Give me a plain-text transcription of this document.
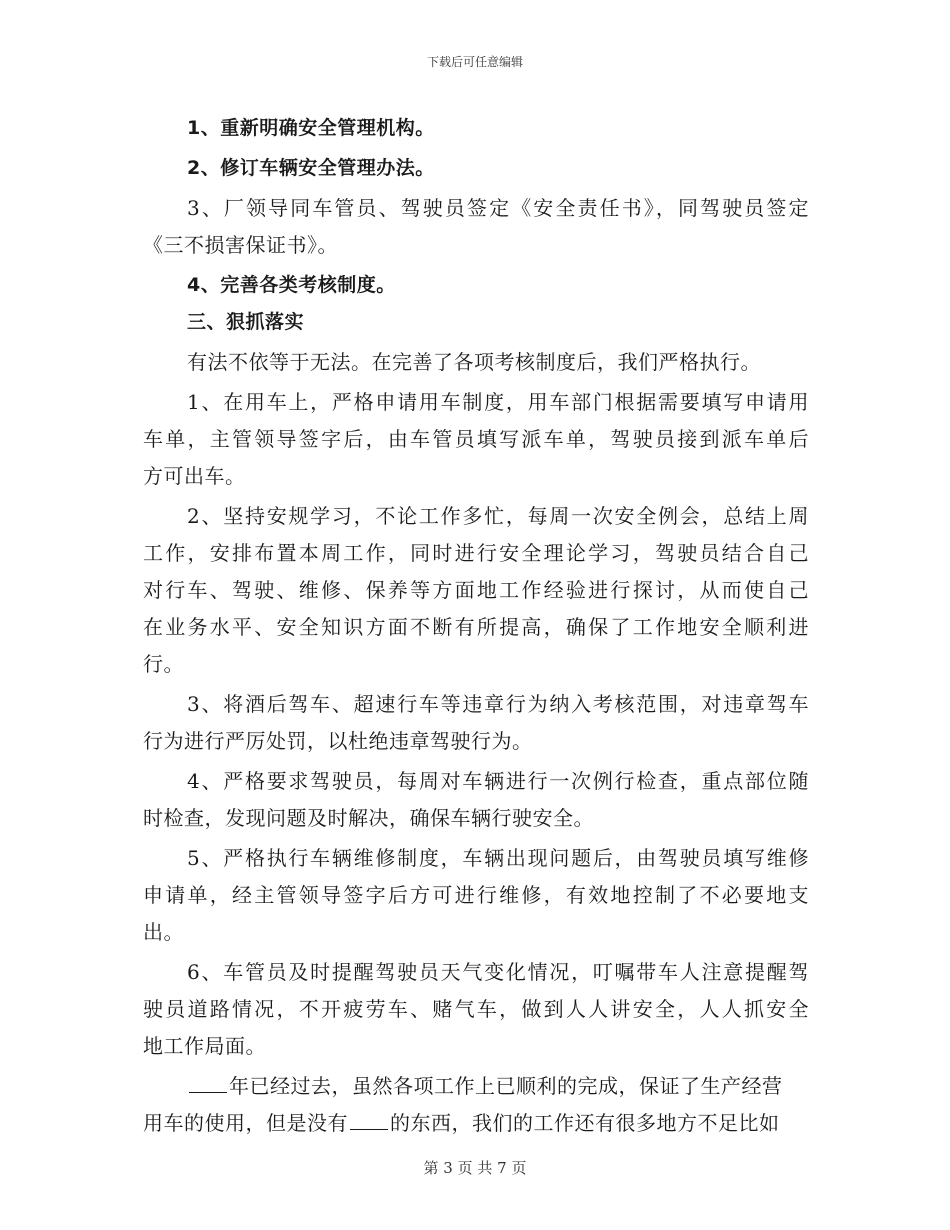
下载后可任意编辑
1、重新明确安全管理机构。
2、修订车辆安全管理办法。
3、厂领导同车管员、驾驶员签定《安全责任书》，同驾驶员签定
《三不损害保证书》。
4、完善各类考核制度。
三、狠抓落实
有法不依等于无法。在完善了各项考核制度后，我们严格执行。
1、在用车上，严格申请用车制度，用车部门根据需要填写申请用
车单，主管领导签字后，由车管员填写派车单，驾驶员接到派车单后
方可出车。
2、坚持安规学习，不论工作多忙，每周一次安全例会，总结上周
工作，安排布置本周工作，同时进行安全理论学习，驾驶员结合自己
对行车、驾驶、维修、保养等方面地工作经验进行探讨，从而使自己
在业务水平、安全知识方面不断有所提高，确保了工作地安全顺利进
行。
3、将酒后驾车、超速行车等违章行为纳入考核范围，对违章驾车
行为进行严厉处罚，以杜绝违章驾驶行为。
4、严格要求驾驶员，每周对车辆进行一次例行检查，重点部位随
时检查，发现问题及时解决，确保车辆行驶安全。
5、严格执行车辆维修制度，车辆出现问题后，由驾驶员填写维修
申请单，经主管领导签字后方可进行维修，有效地控制了不必要地支
出。
6、车管员及时提醒驾驶员天气变化情况，叮嘱带车人注意提醒驾
驶员道路情况，不开疲劳车、赌气车，做到人人讲安全，人人抓安全
地工作局面。
年已经过去，虽然各项工作上已顺利的完成，保证了生产经营
用车的使用，但是没有 的东西，我们的工作还有很多地方不足比如
第 3 页 共 7 页
